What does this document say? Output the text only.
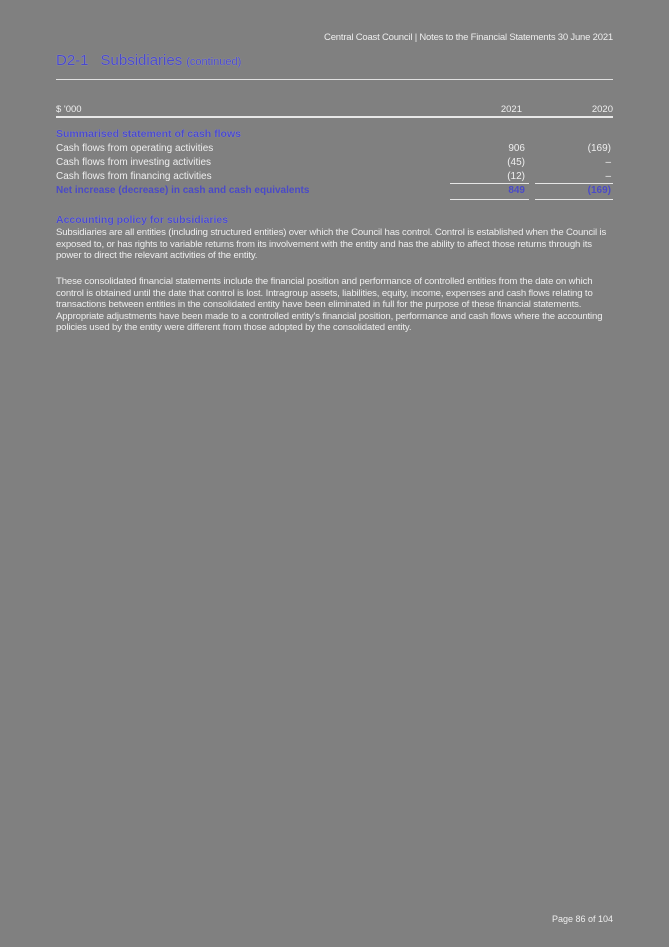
Central Coast Council | Notes to the Financial Statements 30 June 2021
D2-1 Subsidiaries (continued)
$ '000	2021	2020
Summarised statement of cash flows
Cash flows from operating activities	906	(169)
Cash flows from investing activities	(45)	–
Cash flows from financing activities	(12)	–
Net increase (decrease) in cash and cash equivalents	849	(169)
Accounting policy for subsidiaries
Subsidiaries are all entities (including structured entities) over which the Council has control. Control is established when the Council is exposed to, or has rights to variable returns from its involvement with the entity and has the ability to affect those returns through its power to direct the relevant activities of the entity.
These consolidated financial statements include the financial position and performance of controlled entities from the date on which control is obtained until the date that control is lost. Intragroup assets, liabilities, equity, income, expenses and cash flows relating to transactions between entities in the consolidated entity have been eliminated in full for the purpose of these financial statements. Appropriate adjustments have been made to a controlled entity's financial position, performance and cash flows where the accounting policies used by the entity were different from those adopted by the consolidated entity.
Page 86 of 104
